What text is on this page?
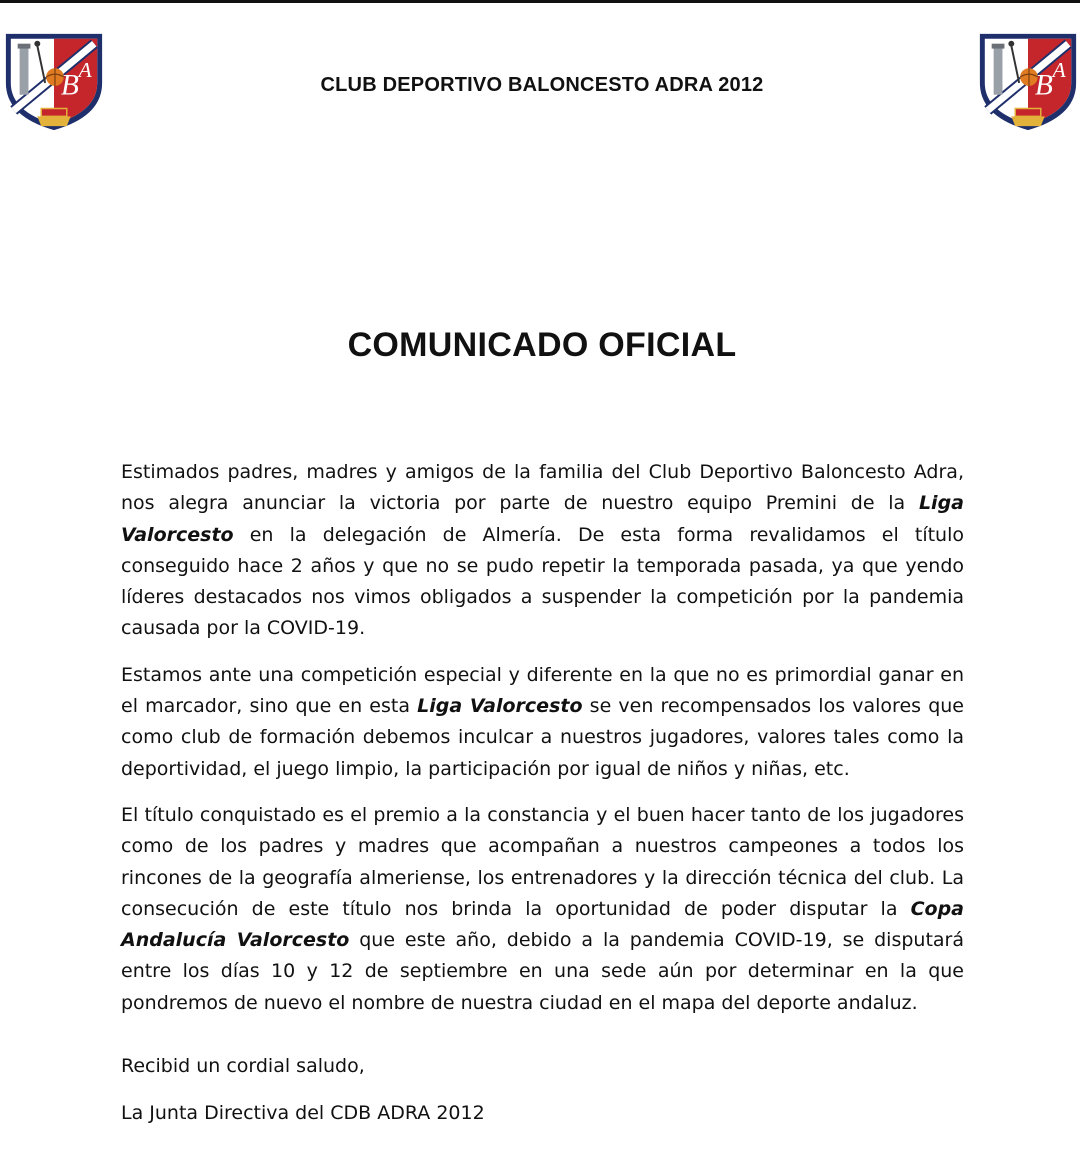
B A	B A
CLUB DEPORTIVO BALONCESTO ADRA 2012
COMUNICADO OFICIAL

Estimados padres, madres y amigos de la familia del Club Deportivo Baloncesto Adra, nos alegra anunciar la victoria por parte de nuestro equipo Premini de la Liga Valorcesto en la delegación de Almería. De esta forma revalidamos el título conseguido hace 2 años y que no se pudo repetir la temporada pasada, ya que yendo líderes destacados nos vimos obligados a suspender la competición por la pandemia causada por la COVID-19.

Estamos ante una competición especial y diferente en la que no es primordial ganar en el marcador, sino que en esta Liga Valorcesto se ven recompensados los valores que como club de formación debemos inculcar a nuestros jugadores, valores tales como la deportividad, el juego limpio, la participación por igual de niños y niñas, etc.

El título conquistado es el premio a la constancia y el buen hacer tanto de los jugadores como de los padres y madres que acompañan a nuestros campeones a todos los rincones de la geografía almeriense, los entrenadores y la dirección técnica del club. La consecución de este título nos brinda la oportunidad de poder disputar la Copa Andalucía Valorcesto que este año, debido a la pandemia COVID-19, se disputará entre los días 10 y 12 de septiembre en una sede aún por determinar en la que pondremos de nuevo el nombre de nuestra ciudad en el mapa del deporte andaluz.

Recibid un cordial saludo,
La Junta Directiva del CDB ADRA 2012
